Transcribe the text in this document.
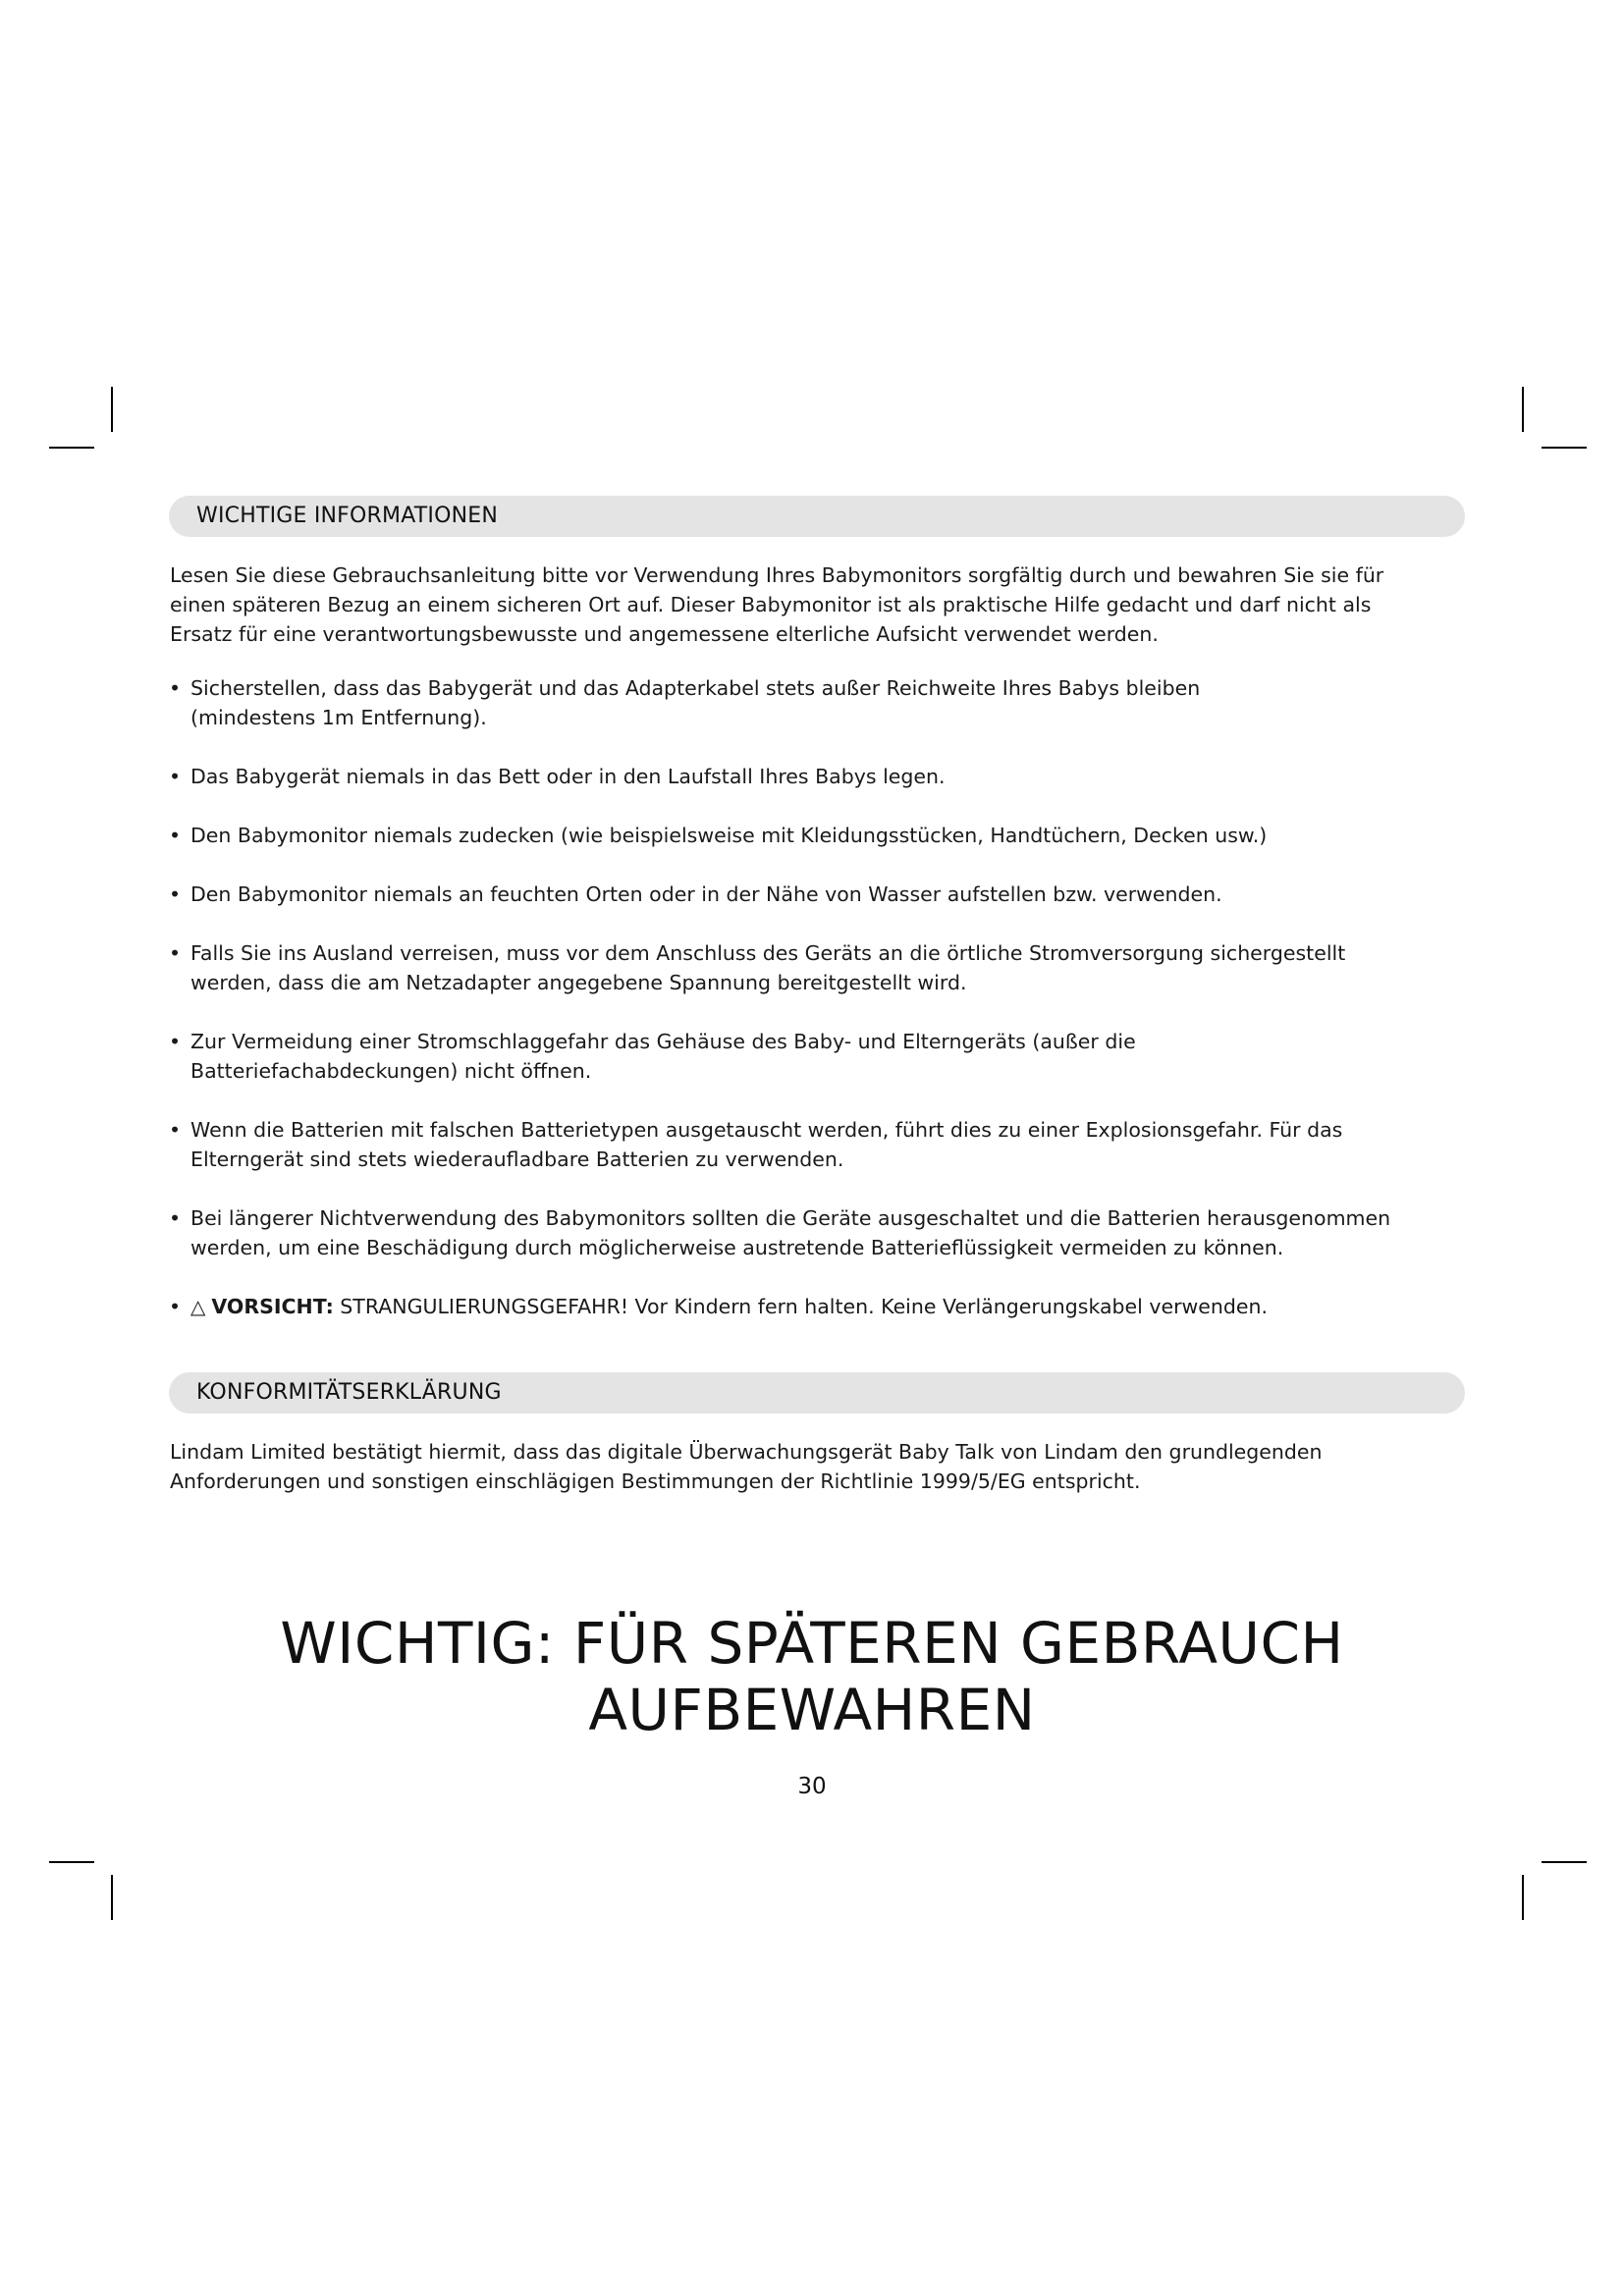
WICHTIGE INFORMATIONEN

Lesen Sie diese Gebrauchsanleitung bitte vor Verwendung Ihres Babymonitors sorgfältig durch und bewahren Sie sie für
einen späteren Bezug an einem sicheren Ort auf. Dieser Babymonitor ist als praktische Hilfe gedacht und darf nicht als
Ersatz für eine verantwortungsbewusste und angemessene elterliche Aufsicht verwendet werden.

• Sicherstellen, dass das Babygerät und das Adapterkabel stets außer Reichweite Ihres Babys bleiben
(mindestens 1m Entfernung).
• Das Babygerät niemals in das Bett oder in den Laufstall Ihres Babys legen.
• Den Babymonitor niemals zudecken (wie beispielsweise mit Kleidungsstücken, Handtüchern, Decken usw.)
• Den Babymonitor niemals an feuchten Orten oder in der Nähe von Wasser aufstellen bzw. verwenden.
• Falls Sie ins Ausland verreisen, muss vor dem Anschluss des Geräts an die örtliche Stromversorgung sichergestellt
werden, dass die am Netzadapter angegebene Spannung bereitgestellt wird.
• Zur Vermeidung einer Stromschlaggefahr das Gehäuse des Baby- und Elterngeräts (außer die
Batteriefachabdeckungen) nicht öffnen.
• Wenn die Batterien mit falschen Batterietypen ausgetauscht werden, führt dies zu einer Explosionsgefahr. Für das
Elterngerät sind stets wiederaufladbare Batterien zu verwenden.
• Bei längerer Nichtverwendung des Babymonitors sollten die Geräte ausgeschaltet und die Batterien herausgenommen
werden, um eine Beschädigung durch möglicherweise austretende Batterieflüssigkeit vermeiden zu können.
• △ VORSICHT: STRANGULIERUNGSGEFAHR! Vor Kindern fern halten. Keine Verlängerungskabel verwenden.
KONFORMITÄTSERKLÄRUNG

Lindam Limited bestätigt hiermit, dass das digitale Überwachungsgerät Baby Talk von Lindam den grundlegenden
Anforderungen und sonstigen einschlägigen Bestimmungen der Richtlinie 1999/5/EG entspricht.

WICHTIG: FÜR SPÄTEREN GEBRAUCH
AUFBEWAHREN
30
